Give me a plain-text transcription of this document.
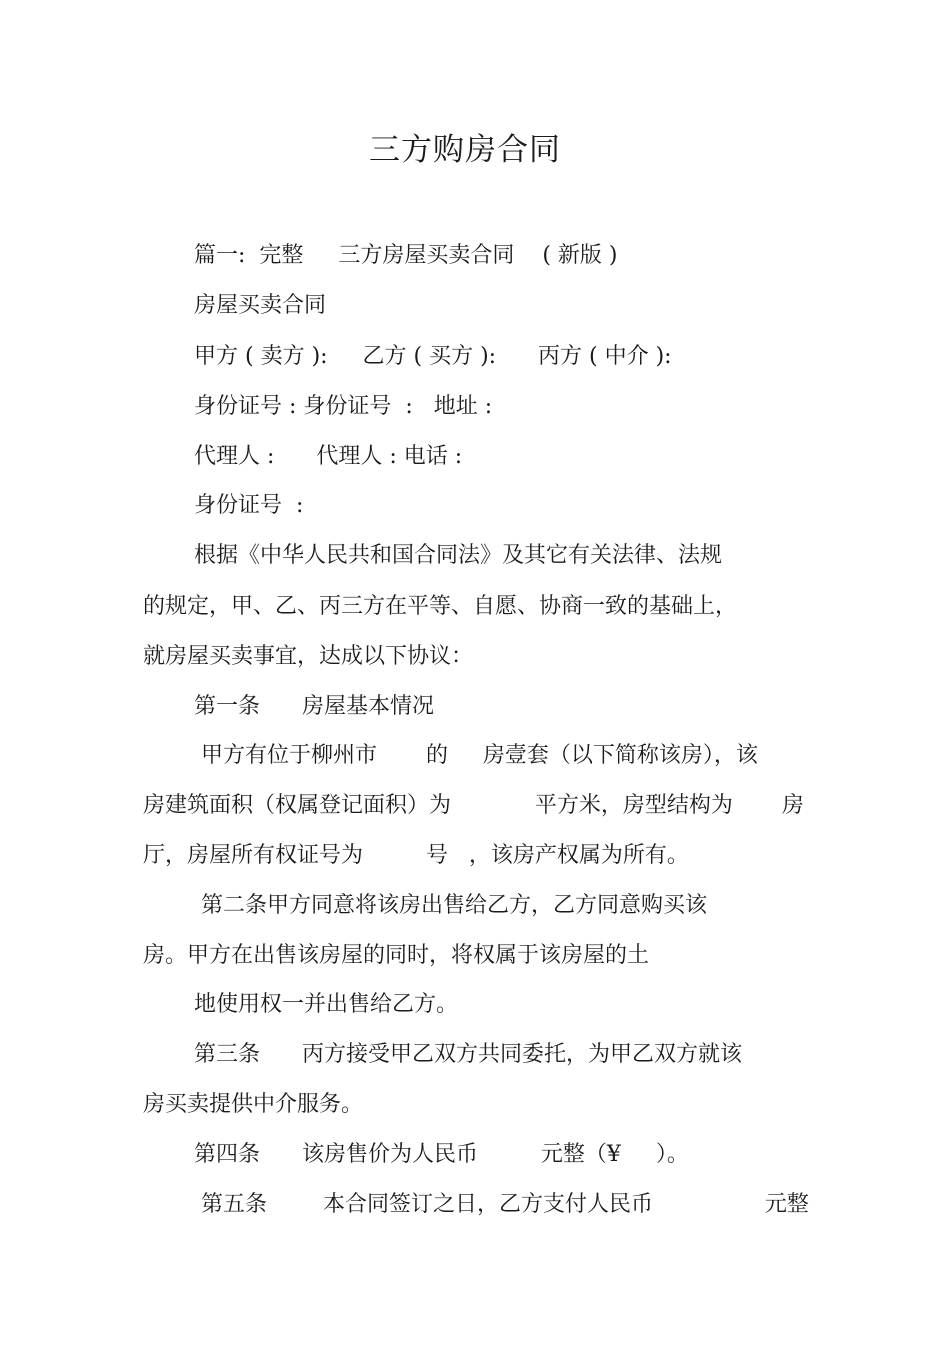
三方购房合同

篇一:  完整     三方房屋买卖合同    ( 新版 )

房屋买卖合同

甲方 ( 卖方 ):     乙方 ( 买方 ):      丙方 ( 中介 ):

身份证号 : 身份证号  :   地址 :

代理人 :      代理人 : 电话 :

身份证号  :

根据《中华人民共和国合同法》及其它有关法律、法规

的规定，甲、乙、丙三方在平等、自愿、协商一致的基础上，

就房屋买卖事宜，达成以下协议：

第一条      房屋基本情况

甲方有位于柳州市       的     房壹套（以下简称该房），该

房建筑面积（权属登记面积）为            平方米，房型结构为       房

厅，房屋所有权证号为         号   ，该房产权属为所有。

第二条甲方同意将该房出售给乙方，乙方同意购买该

房。甲方在出售该房屋的同时，将权属于该房屋的土

地使用权一并出售给乙方。

第三条      丙方接受甲乙双方共同委托，为甲乙双方就该

房买卖提供中介服务。

第四条      该房售价为人民币         元整（¥     ）。

第五条        本合同签订之日，乙方支付人民币                元整
